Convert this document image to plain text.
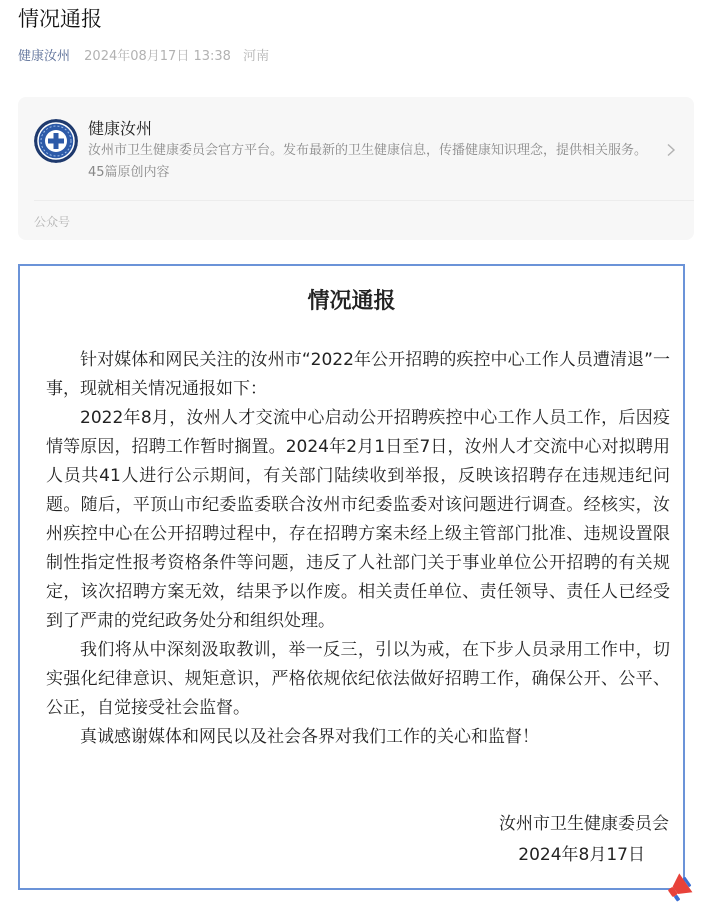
情况通报
健康汝州 2024年08月17日 13:38 河南
健康汝州
汝州市卫生健康委员会官方平台。发布最新的卫生健康信息，传播健康知识理念，提供相关服务。
45篇原创内容
公众号
情况通报

针对媒体和网民关注的汝州市“2022年公开招聘的疾控中心工作人员遭清退”一事，现就相关情况通报如下：

2022年8月，汝州人才交流中心启动公开招聘疾控中心工作人员工作，后因疫情等原因，招聘工作暂时搁置。2024年2月1日至7日，汝州人才交流中心对拟聘用人员共41人进行公示期间，有关部门陆续收到举报，反映该招聘存在违规违纪问题。随后，平顶山市纪委监委联合汝州市纪委监委对该问题进行调查。经核实，汝州疾控中心在公开招聘过程中，存在招聘方案未经上级主管部门批准、违规设置限制性指定性报考资格条件等问题，违反了人社部门关于事业单位公开招聘的有关规定，该次招聘方案无效，结果予以作废。相关责任单位、责任领导、责任人已经受到了严肃的党纪政务处分和组织处理。

我们将从中深刻汲取教训，举一反三，引以为戒，在下步人员录用工作中，切实强化纪律意识、规矩意识，严格依规依纪依法做好招聘工作，确保公开、公平、公正，自觉接受社会监督。

真诚感谢媒体和网民以及社会各界对我们工作的关心和监督！

汝州市卫生健康委员会
2024年8月17日
